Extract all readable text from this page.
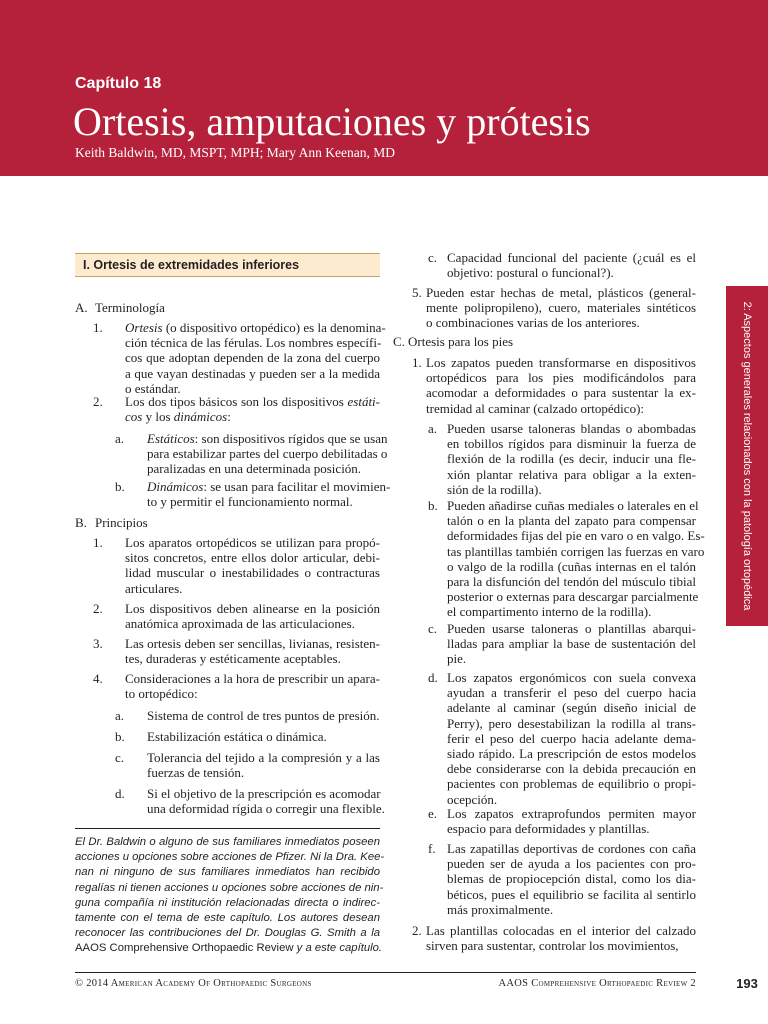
Capítulo 18
Ortesis, amputaciones y prótesis
Keith Baldwin, MD, MSPT, MPH; Mary Ann Keenan, MD
I. Ortesis de extremidades inferiores
A. Terminología
1. Ortesis (o dispositivo ortopédico) es la denomina-
ción técnica de las férulas. Los nombres específi-
cos que adoptan dependen de la zona del cuerpo
a que vayan destinadas y pueden ser a la medida
o estándar.
2. Los dos tipos básicos son los dispositivos estáti-
cos y los dinámicos:
a. Estáticos: son dispositivos rígidos que se usan
para estabilizar partes del cuerpo debilitadas o
paralizadas en una determinada posición.
b. Dinámicos: se usan para facilitar el movimien-
to y permitir el funcionamiento normal.
B. Principios
1. Los aparatos ortopédicos se utilizan para propó-
sitos concretos, entre ellos dolor articular, debi-
lidad muscular o inestabilidades o contracturas
articulares.
2. Los dispositivos deben alinearse en la posición
anatómica aproximada de las articulaciones.
3. Las ortesis deben ser sencillas, livianas, resisten-
tes, duraderas y estéticamente aceptables.
4. Consideraciones a la hora de prescribir un apara-
to ortopédico:
a. Sistema de control de tres puntos de presión.
b. Estabilización estática o dinámica.
c. Tolerancia del tejido a la compresión y a las
fuerzas de tensión.
d. Si el objetivo de la prescripción es acomodar
una deformidad rígida o corregir una flexible.
c. Capacidad funcional del paciente (¿cuál es el
objetivo: postural o funcional?).
5. Pueden estar hechas de metal, plásticos (general-
mente polipropileno), cuero, materiales sintéticos
o combinaciones varias de los anteriores.
C. Ortesis para los pies
1. Los zapatos pueden transformarse en dispositivos
ortopédicos para los pies modificándolos para
acomodar a deformidades o para sustentar la ex-
tremidad al caminar (calzado ortopédico):
a. Pueden usarse taloneras blandas o abombadas
en tobillos rígidos para disminuir la fuerza de
flexión de la rodilla (es decir, inducir una fle-
xión plantar relativa para obligar a la exten-
sión de la rodilla).
b. Pueden añadirse cuñas mediales o laterales en el
talón o en la planta del zapato para compensar
deformidades fijas del pie en varo o en valgo. Es-
tas plantillas también corrigen las fuerzas en varo
o valgo de la rodilla (cuñas internas en el talón
para la disfunción del tendón del músculo tibial
posterior o externas para descargar parcialmente
el compartimento interno de la rodilla).
c. Pueden usarse taloneras o plantillas abarqui-
lladas para ampliar la base de sustentación del
pie.
d. Los zapatos ergonómicos con suela convexa
ayudan a transferir el peso del cuerpo hacia
adelante al caminar (según diseño inicial de
Perry), pero desestabilizan la rodilla al trans-
ferir el peso del cuerpo hacia adelante dema-
siado rápido. La prescripción de estos modelos
debe considerarse con la debida precaución en
pacientes con problemas de equilibrio o propi-
ocepción.
e. Los zapatos extraprofundos permiten mayor
espacio para deformidades y plantillas.
f. Las zapatillas deportivas de cordones con caña
pueden ser de ayuda a los pacientes con pro-
blemas de propiocepción distal, como los dia-
béticos, pues el equilibrio se facilita al sentirlo
más proximalmente.
2. Las plantillas colocadas en el interior del calzado
sirven para sustentar, controlar los movimientos,
El Dr. Baldwin o alguno de sus familiares inmediatos poseen
acciones u opciones sobre acciones de Pfizer. Ni la Dra. Kee-
nan ni ninguno de sus familiares inmediatos han recibido
regalías ni tienen acciones u opciones sobre acciones de nin-
guna compañía ni institución relacionadas directa o indirec-
tamente con el tema de este capítulo. Los autores desean
reconocer las contribuciones del Dr. Douglas G. Smith a la
AAOS Comprehensive Orthopaedic Review y a este capítulo.
2: Aspectos generales relacionados con la patología ortopédica
© 2014 American Academy Of Orthopaedic Surgeons	AAOS Comprehensive Orthopaedic Review 2	193
